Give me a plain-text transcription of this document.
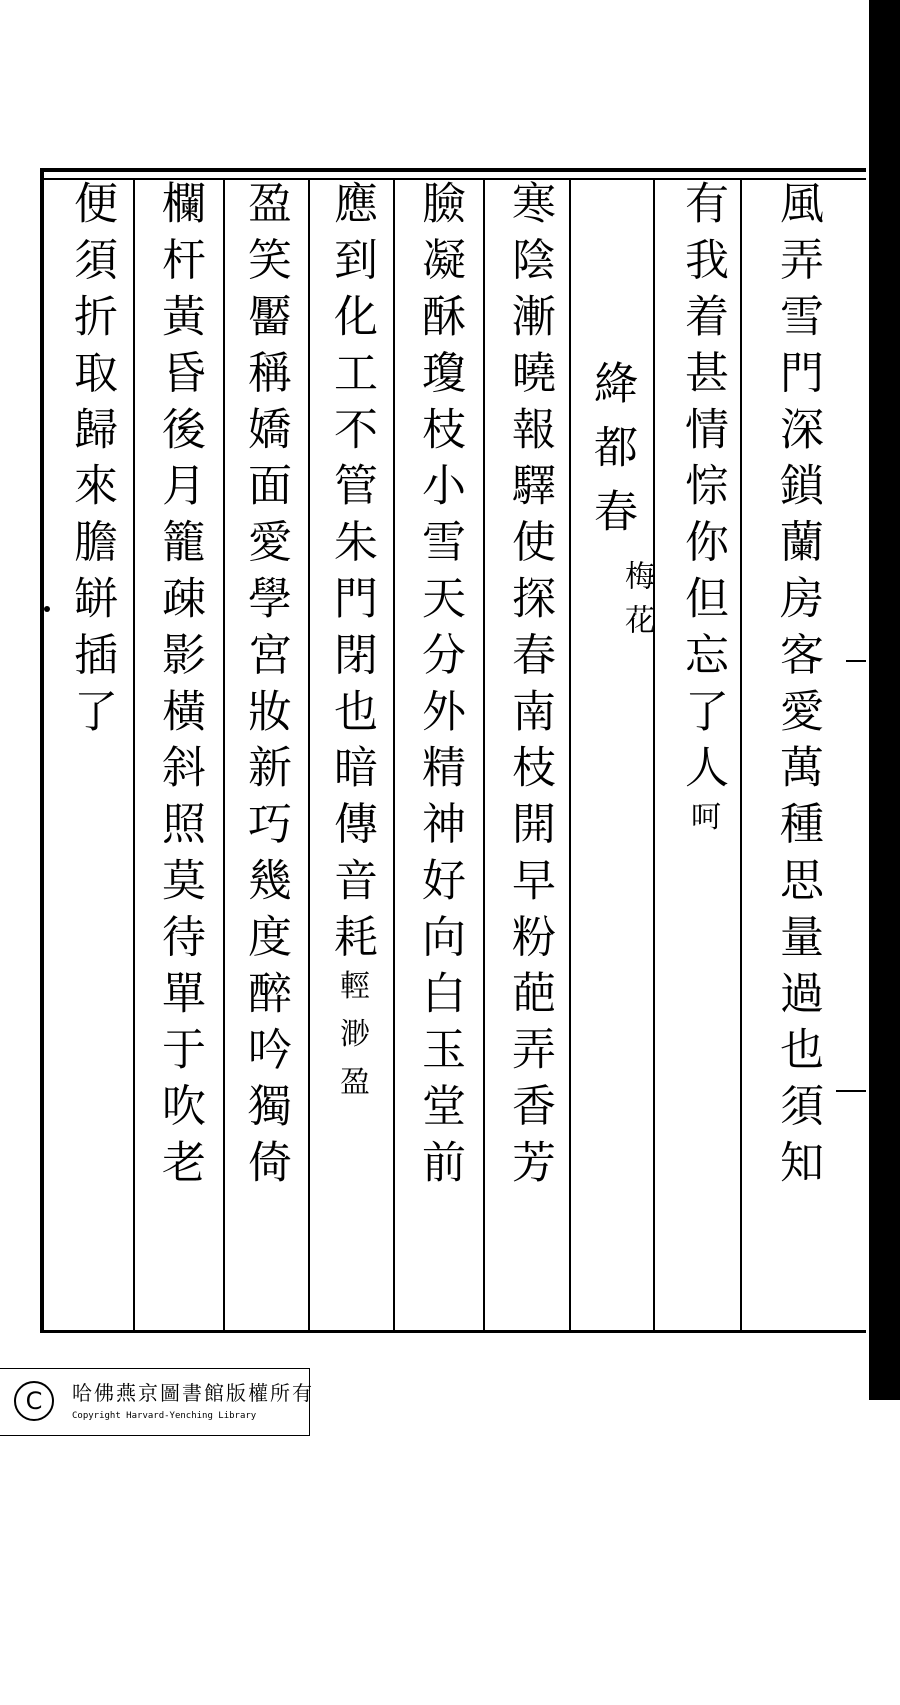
風弄雪門深鎖蘭房客愛萬種思量過也須知
有我着甚情悰你但忘了人呵
絳都春
梅花
寒陰漸曉報驛使探春南枝開早粉葩弄香芳
臉凝酥瓊枝小雪天分外精神好向白玉堂前
應到化工不管朱門閉也暗傳音耗輕渺盈
盈笑靨稱嬌面愛學宮妝新巧幾度醉吟獨倚
欄杆黃昏後月籠疎影橫斜照莫待單于吹老
便須折取歸來膽缾插了
C	哈佛燕京圖書館版權所有
Copyright Harvard-Yenching Library
